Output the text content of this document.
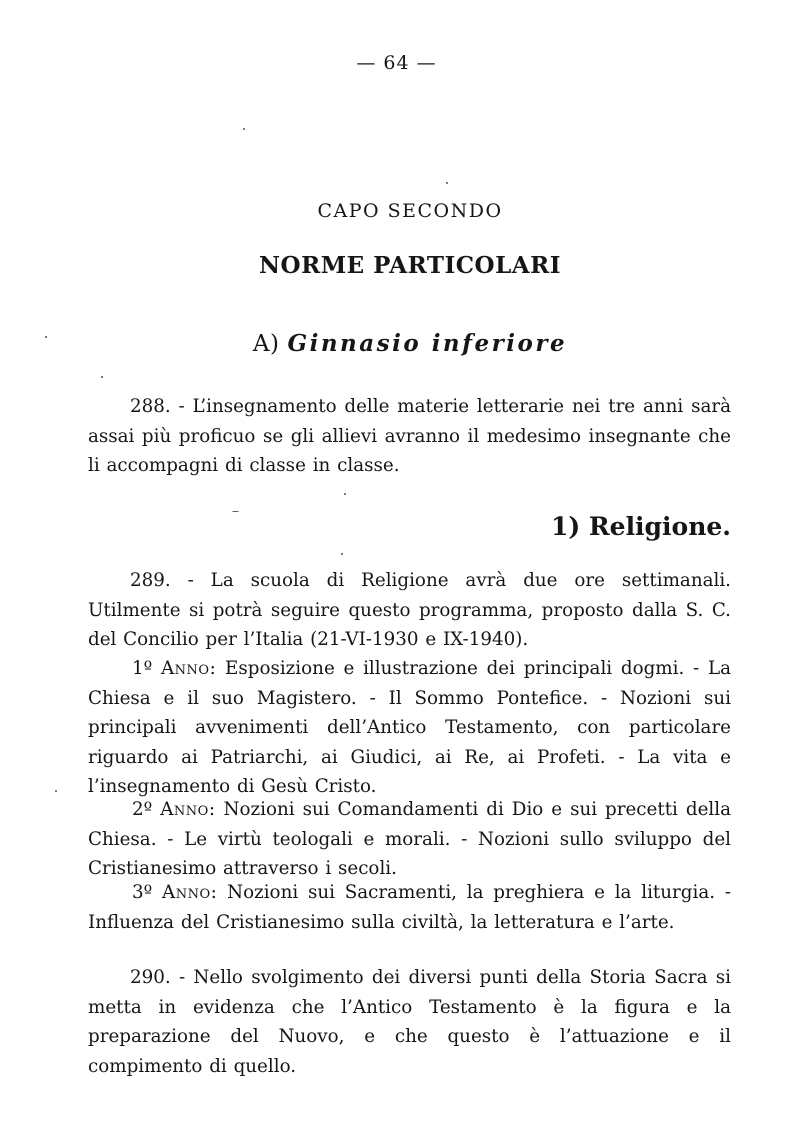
— 64 —
CAPO SECONDO
NORME PARTICOLARI
A) Ginnasio inferiore
288. - L’insegnamento delle materie letterarie nei tre anni sarà assai più proficuo se gli allievi avranno il medesimo insegnante che li accompagni di classe in classe.
1) Religione.
289. - La scuola di Religione avrà due ore settimanali. Utilmente si potrà seguire questo programma, proposto dalla S. C. del Concilio per l’Italia (21-VI-1930 e IX-1940).
1º Anno: Esposizione e illustrazione dei principali dogmi. - La Chiesa e il suo Magistero. - Il Sommo Pontefice. - Nozioni sui principali avvenimenti dell’Antico Testamento, con particolare riguardo ai Patriarchi, ai Giudici, ai Re, ai Profeti. - La vita e l’insegnamento di Gesù Cristo.
2º Anno: Nozioni sui Comandamenti di Dio e sui precetti della Chiesa. - Le virtù teologali e morali. - Nozioni sullo sviluppo del Cristianesimo attraverso i secoli.
3º Anno: Nozioni sui Sacramenti, la preghiera e la liturgia. - Influenza del Cristianesimo sulla civiltà, la letteratura e l’arte.
290. - Nello svolgimento dei diversi punti della Storia Sacra si metta in evidenza che l’Antico Testamento è la figura e la preparazione del Nuovo, e che questo è l’attuazione e il compimento di quello.
